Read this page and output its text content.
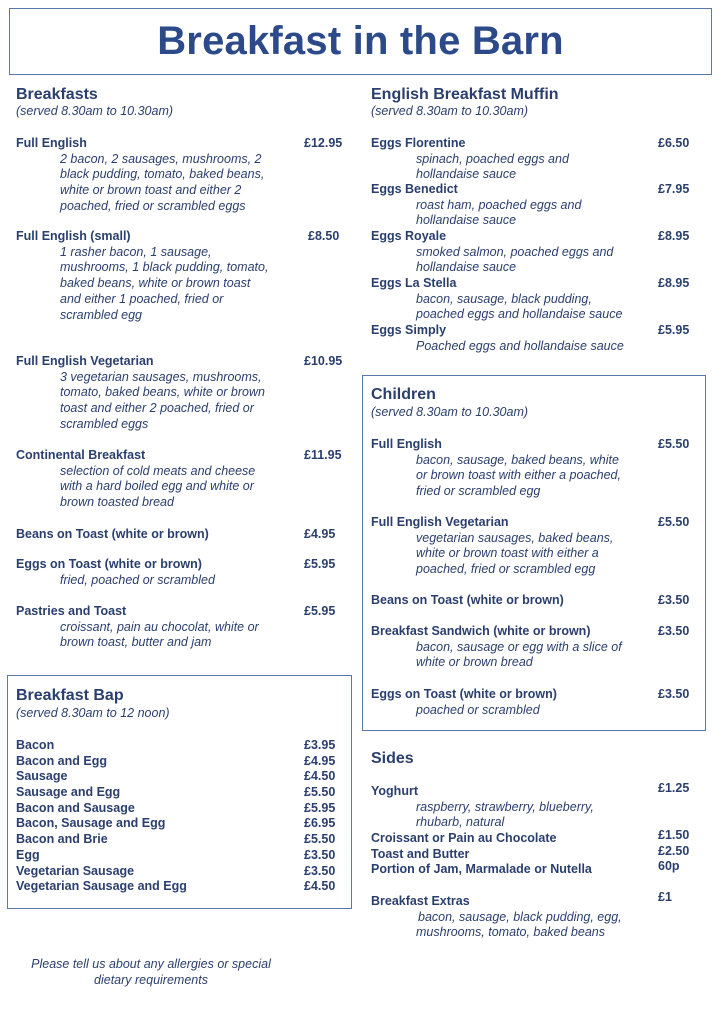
Breakfast in the Barn
Breakfasts
(served 8.30am to 10.30am)
Full English	£12.95
2 bacon, 2 sausages, mushrooms, 2
black pudding, tomato, baked beans,
white or brown toast and either 2
poached, fried or scrambled eggs
Full English (small)	£8.50
1 rasher bacon, 1 sausage,
mushrooms, 1 black pudding, tomato,
baked beans, white or brown toast
and either 1 poached, fried or
scrambled egg
Full English Vegetarian	£10.95
3 vegetarian sausages, mushrooms,
tomato, baked beans, white or brown
toast and either 2 poached, fried or
scrambled eggs
Continental Breakfast	£11.95
selection of cold meats and cheese
with a hard boiled egg and white or
brown toasted bread
Beans on Toast (white or brown)	£4.95
Eggs on Toast (white or brown)	£5.95
fried, poached or scrambled
Pastries and Toast	£5.95
croissant, pain au chocolat, white or
brown toast, butter and jam
Breakfast Bap
(served 8.30am to 12 noon)
Bacon	£3.95
Bacon and Egg	£4.95
Sausage	£4.50
Sausage and Egg	£5.50
Bacon and Sausage	£5.95
Bacon, Sausage and Egg	£6.95
Bacon and Brie	£5.50
Egg	£3.50
Vegetarian Sausage	£3.50
Vegetarian Sausage and Egg	£4.50
Please tell us about any allergies or special
dietary requirements
English Breakfast Muffin
(served 8.30am to 10.30am)
Eggs Florentine	£6.50
spinach, poached eggs and
hollandaise sauce
Eggs Benedict	£7.95
roast ham, poached eggs and
hollandaise sauce
Eggs Royale	£8.95
smoked salmon, poached eggs and
hollandaise sauce
Eggs La Stella	£8.95
bacon, sausage, black pudding,
poached eggs and hollandaise sauce
Eggs Simply	£5.95
Poached eggs and hollandaise sauce
Children
(served 8.30am to 10.30am)
Full English	£5.50
bacon, sausage, baked beans, white
or brown toast with either a poached,
fried or scrambled egg
Full English Vegetarian	£5.50
vegetarian sausages, baked beans,
white or brown toast with either a
poached, fried or scrambled egg
Beans on Toast (white or brown)	£3.50
Breakfast Sandwich (white or brown)	£3.50
bacon, sausage or egg with a slice of
white or brown bread
Eggs on Toast (white or brown)	£3.50
poached or scrambled
Sides
Yoghurt	£1.25
raspberry, strawberry, blueberry,
rhubarb, natural
Croissant or Pain au Chocolate	£1.50
Toast and Butter	£2.50
Portion of Jam, Marmalade or Nutella	60p
Breakfast Extras	£1
bacon, sausage, black pudding, egg,
mushrooms, tomato, baked beans
